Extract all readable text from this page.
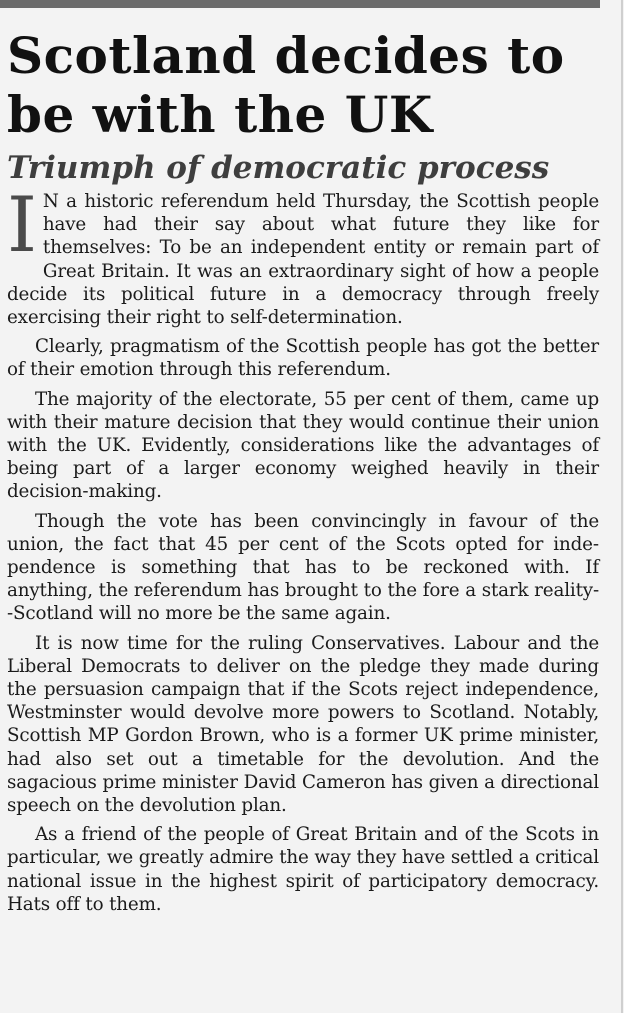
Scotland decides to be with the UK
Triumph of democratic process

I N a historic referendum held Thursday, the Scottish people have had their say about what future they like for themselves: To be an independent entity or remain part of Great Britain. It was an extraordinary sight of how a people decide its political future in a democracy through freely exercising their right to self-determination.

Clearly, pragmatism of the Scottish people has got the better of their emotion through this referendum.

The majority of the electorate, 55 per cent of them, came up with their mature decision that they would continue their union with the UK. Evidently, considerations like the advantages of being part of a larger economy weighed heavily in their decision-making.

Though the vote has been convincingly in favour of the union, the fact that 45 per cent of the Scots opted for independence is something that has to be reckoned with. If anything, the referendum has brought to the fore a stark reality--Scotland will no more be the same again.

It is now time for the ruling Conservatives. Labour and the Liberal Democrats to deliver on the pledge they made during the persuasion campaign that if the Scots reject independence, Westminster would devolve more powers to Scotland. Notably, Scottish MP Gordon Brown, who is a former UK prime minister, had also set out a timetable for the devolution. And the sagacious prime minister David Cameron has given a directional speech on the devolution plan.

As a friend of the people of Great Britain and of the Scots in particular, we greatly admire the way they have settled a critical national issue in the highest spirit of participatory democracy. Hats off to them.
